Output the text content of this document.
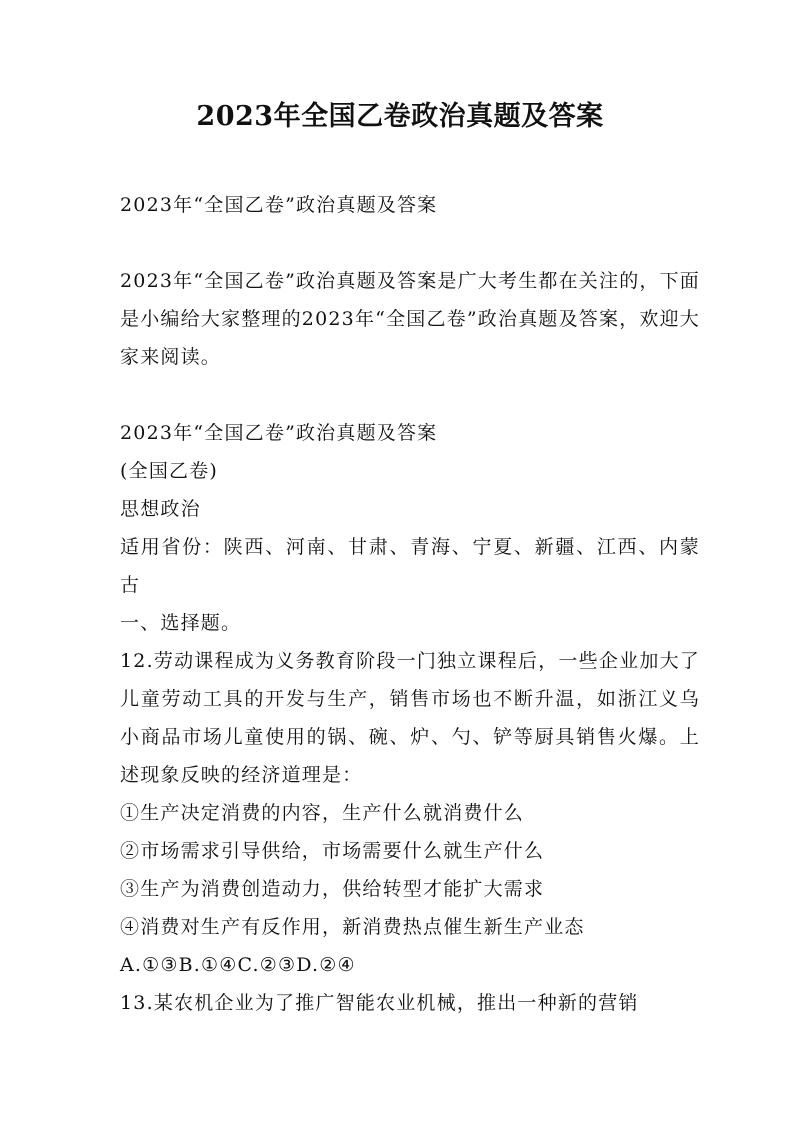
2023年全国乙卷政治真题及答案

2023年“全国乙卷”政治真题及答案

2023年“全国乙卷”政治真题及答案是广大考生都在关注的，下面是小编给大家整理的2023年“全国乙卷”政治真题及答案，欢迎大家来阅读。

2023年“全国乙卷”政治真题及答案

(全国乙卷)

思想政治

适用省份：陕西、河南、甘肃、青海、宁夏、新疆、江西、内蒙古

一、选择题。

12.劳动课程成为义务教育阶段一门独立课程后，一些企业加大了儿童劳动工具的开发与生产，销售市场也不断升温，如浙江义乌小商品市场儿童使用的锅、碗、炉、勺、铲等厨具销售火爆。上述现象反映的经济道理是：

①生产决定消费的内容，生产什么就消费什么

②市场需求引导供给，市场需要什么就生产什么

③生产为消费创造动力，供给转型才能扩大需求

④消费对生产有反作用，新消费热点催生新生产业态

A.①③B.①④C.②③D.②④

13.某农机企业为了推广智能农业机械，推出一种新的营销
